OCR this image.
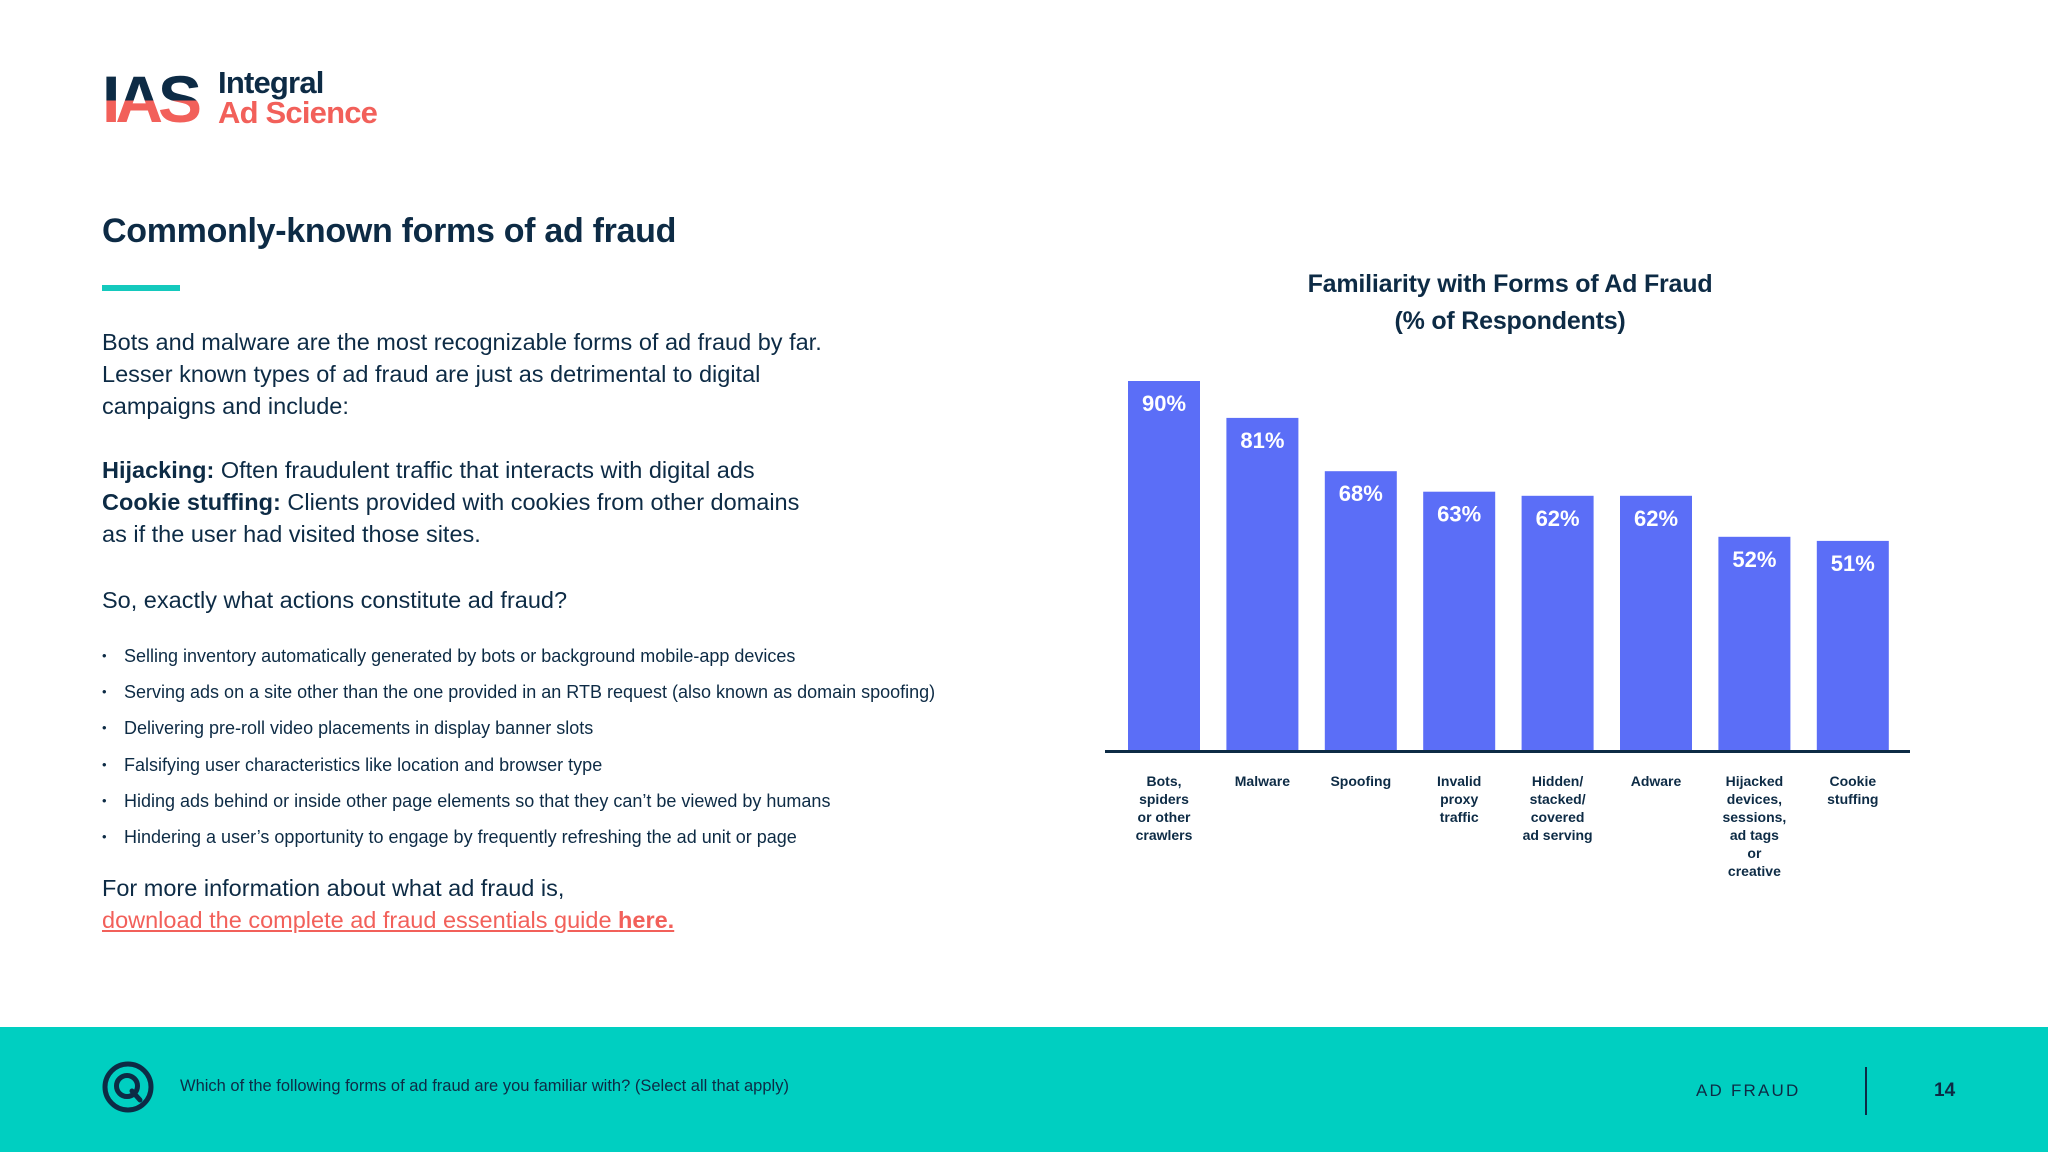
IAS Integral
Ad Science
Commonly-known forms of ad fraud

Bots and malware are the most recognizable forms of ad fraud by far. Lesser known types of ad fraud are just as detrimental to digital campaigns and include:

Hijacking: Often fraudulent traffic that interacts with digital ads
Cookie stuffing: Clients provided with cookies from other domains as if the user had visited those sites.

So, exactly what actions constitute ad fraud?

• Selling inventory automatically generated by bots or background mobile-app devices
• Serving ads on a site other than the one provided in an RTB request (also known as domain spoofing)
• Delivering pre-roll video placements in display banner slots
• Falsifying user characteristics like location and browser type
• Hiding ads behind or inside other page elements so that they can’t be viewed by humans
• Hindering a user’s opportunity to engage by frequently refreshing the ad unit or page
For more information about what ad fraud is,
download the complete ad fraud essentials guide here.
Familiarity with Forms of Ad Fraud
(% of Respondents)
90%
Bots, spiders or other crawlers
81%
Malware
68%
Spoofing
63%
Invalid proxy traffic
62%
Hidden/ stacked/ covered ad serving
62%
Adware
52%
Hijacked devices, sessions, ad tags or creative
51%
Cookie stuffing
Which of the following forms of ad fraud are you familiar with? (Select all that apply)	AD FRAUD	14
